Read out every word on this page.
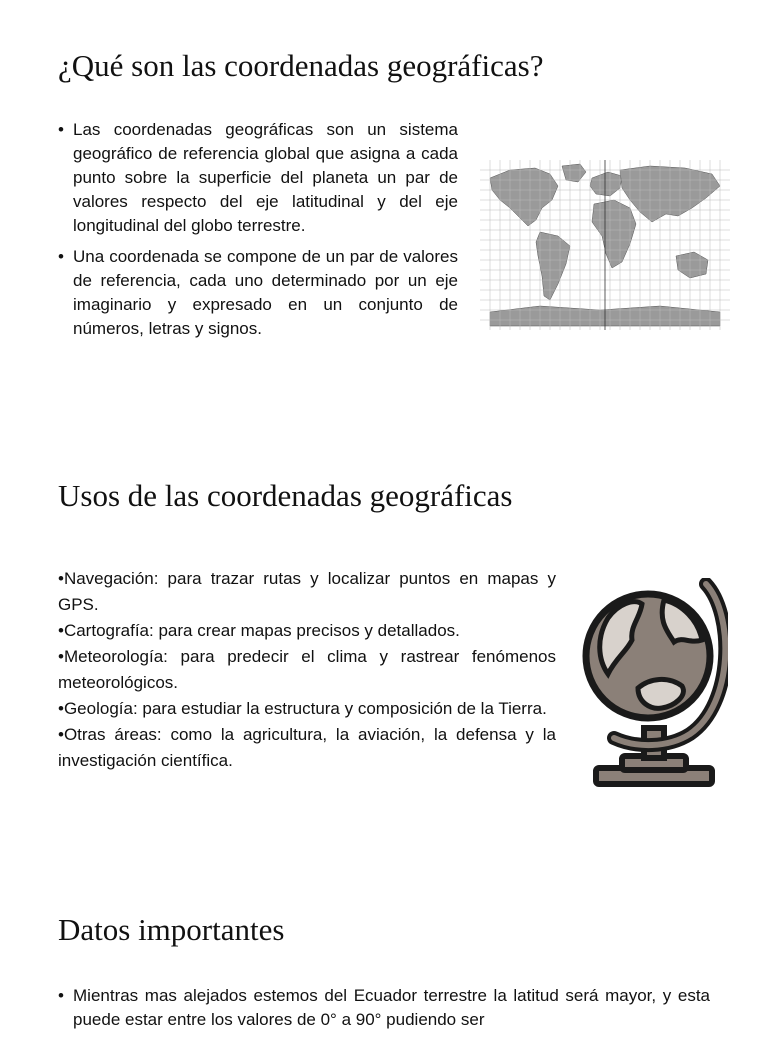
¿Qué son las coordenadas geográficas?
• Las coordenadas geográficas son un sistema geográfico de referencia global que asigna a cada punto sobre la superficie del planeta un par de valores respecto del eje latitudinal y del eje longitudinal del globo terrestre.
• Una coordenada se compone de un par de valores de referencia, cada uno determinado por un eje imaginario y expresado en un conjunto de números, letras y signos.
Usos de las coordenadas geográficas
• Navegación: para trazar rutas y localizar puntos en mapas y GPS.
• Cartografía: para crear mapas precisos y detallados.
• Meteorología: para predecir el clima y rastrear fenómenos meteorológicos.
• Geología: para estudiar la estructura y composición de la Tierra.
• Otras áreas: como la agricultura, la aviación, la defensa y la investigación científica.
Datos importantes
• Mientras mas alejados estemos del Ecuador terrestre la latitud será mayor, y esta puede estar entre los valores de 0° a 90° pudiendo ser
